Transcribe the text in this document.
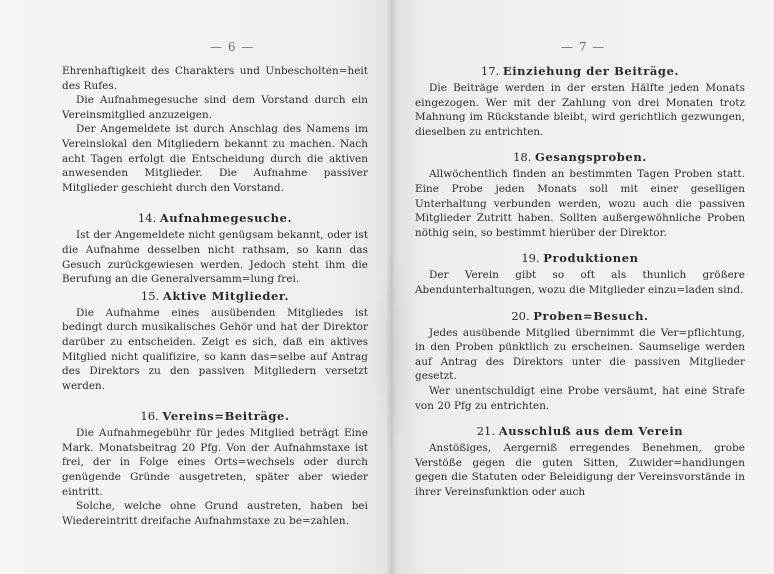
— 6 —

Ehrenhaftigkeit des Charakters und Unbescholten=heit des Rufes.

Die Aufnahmegesuche sind dem Vorstand durch ein Vereinsmitglied anzuzeigen.

Der Angemeldete ist durch Anschlag des Namens im Vereinslokal den Mitgliedern bekannt zu machen. Nach acht Tagen erfolgt die Entscheidung durch die aktiven anwesenden Mitglieder. Die Aufnahme passiver Mitglieder geschieht durch den Vorstand.

14. Aufnahmegesuche.

Ist der Angemeldete nicht genügsam bekannt, oder ist die Aufnahme desselben nicht rathsam, so kann das Gesuch zurückgewiesen werden. Jedoch steht ihm die Berufung an die Generalversamm=lung frei.

15. Aktive Mitglieder.

Die Aufnahme eines ausübenden Mitgliedes ist bedingt durch musikalisches Gehör und hat der Direktor darüber zu entscheiden. Zeigt es sich, daß ein aktives Mitglied nicht qualifizire, so kann das=selbe auf Antrag des Direktors zu den passiven Mitgliedern versetzt werden.

16. Vereins=Beiträge.

Die Aufnahmegebühr für jedes Mitglied beträgt Eine Mark. Monatsbeitrag 20 Pfg. Von der Aufnahmstaxe ist frei, der in Folge eines Orts=wechsels oder durch genügende Gründe ausgetreten, später aber wieder eintritt.

Solche, welche ohne Grund austreten, haben bei Wiedereintritt dreifache Aufnahmstaxe zu be=zahlen.

— 7 —
17. Einziehung der Beiträge.

Die Beiträge werden in der ersten Hälfte jeden Monats eingezogen. Wer mit der Zahlung von drei Monaten trotz Mahnung im Rückstande bleibt, wird gerichtlich gezwungen, dieselben zu entrichten.

18. Gesangsproben.

Allwöchentlich finden an bestimmten Tagen Proben statt. Eine Probe jeden Monats soll mit einer geselligen Unterhaltung verbunden werden, wozu auch die passiven Mitglieder Zutritt haben. Sollten außergewöhnliche Proben nöthig sein, so bestimmt hierüber der Direktor.

19. Produktionen

Der Verein gibt so oft als thunlich größere Abendunterhaltungen, wozu die Mitglieder einzu=laden sind.

20. Proben=Besuch.

Jedes ausübende Mitglied übernimmt die Ver=pflichtung, in den Proben pünktlich zu erscheinen. Saumselige werden auf Antrag des Direktors unter die passiven Mitglieder gesetzt.

Wer unentschuldigt eine Probe versäumt, hat eine Strafe von 20 Pfg zu entrichten.

21. Ausschluß aus dem Verein

Anstößiges, Aergerniß erregendes Benehmen, grobe Verstöße gegen die guten Sitten, Zuwider=handlungen gegen die Statuten oder Beleidigung der Vereinsvorstände in ihrer Vereinsfunktion oder auch
